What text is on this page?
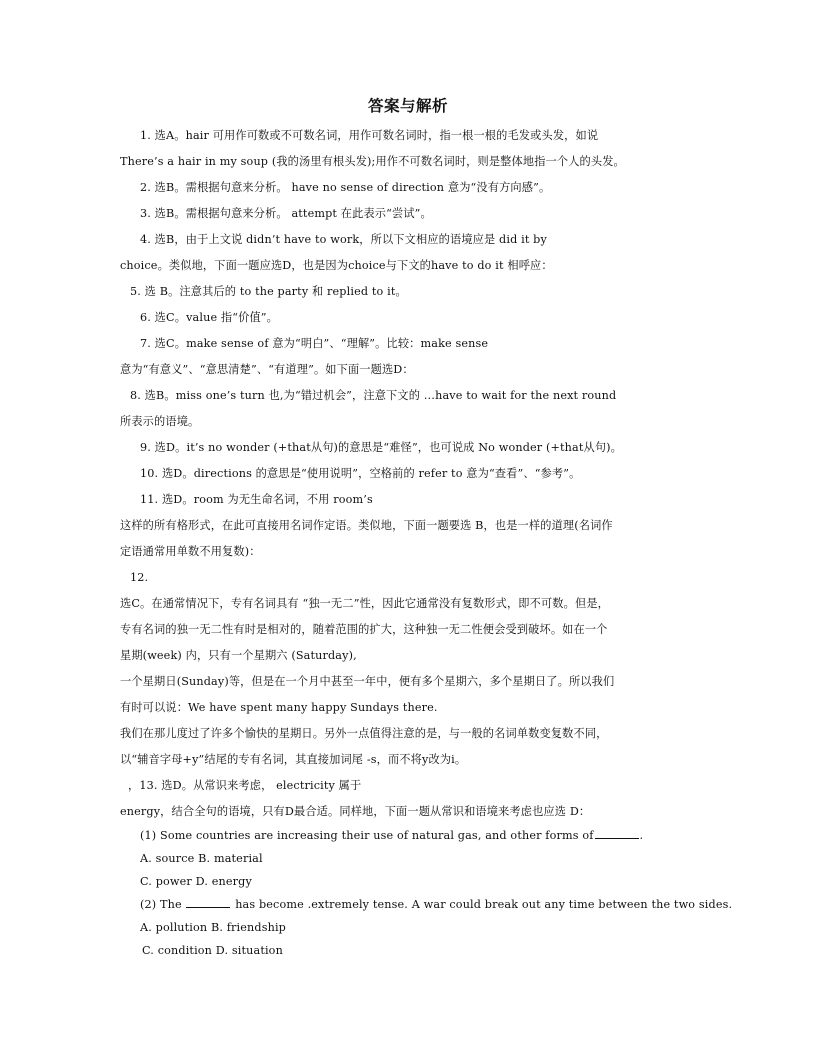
答案与解析
1. 选A。hair 可用作可数或不可数名词，用作可数名词时，指一根一根的毛发或头发，如说
There’s a hair in my soup (我的汤里有根头发);用作不可数名词时，则是整体地指一个人的头发。
2. 选B。需根据句意来分析。 have no sense of direction 意为“没有方向感”。
3. 选B。需根据句意来分析。 attempt 在此表示“尝试”。
4. 选B，由于上文说 didn’t have to work，所以下文相应的语境应是 did it by
choice。类似地，下面一题应选D，也是因为choice与下文的have to do it 相呼应：
5. 选 B。注意其后的 to the party 和 replied to it。
6. 选C。value 指“价值”。
7. 选C。make sense of 意为“明白”、“理解”。比较：make sense
意为“有意义”、“意思清楚”、“有道理”。如下面一题选D：
8. 选B。miss one’s turn 也,为“错过机会”，注意下文的 …have to wait for the next round
所表示的语境。
9. 选D。it’s no wonder (+that从句)的意思是“难怪”，也可说成 No wonder (+that从句)。
10. 选D。directions 的意思是“使用说明”，空格前的 refer to 意为“查看”、“参考”。
11. 选D。room 为无生命名词，不用 room’s
这样的所有格形式，在此可直接用名词作定语。类似地，下面一题要选 B，也是一样的道理(名词作
定语通常用单数不用复数)：
12.
选C。在通常情况下，专有名词具有 “独一无二”性，因此它通常没有复数形式，即不可数。但是，
专有名词的独一无二性有时是相对的，随着范围的扩大，这种独一无二性便会受到破坏。如在一个
星期(week) 内，只有一个星期六 (Saturday),
一个星期日(Sunday)等，但是在一个月中甚至一年中，便有多个星期六，多个星期日了。所以我们
有时可以说：We have spent many happy Sundays there.
我们在那儿度过了许多个愉快的星期日。另外一点值得注意的是，与一般的名词单数变复数不同，
以“辅音字母+y”结尾的专有名词，其直接加词尾 -s，而不将y改为i。
，13. 选D。从常识来考虑， electricity 属于
energy，结合全句的语境，只有D最合适。同样地，下面一题从常识和语境来考虑也应选 D：
(1) Some countries are increasing their use of natural gas, and other forms of	.
A. source B. material
C. power D. energy
(2) The	has become .extremely tense. A war could break out any time between the two sides.
A. pollution B. friendship
C. condition D. situation
